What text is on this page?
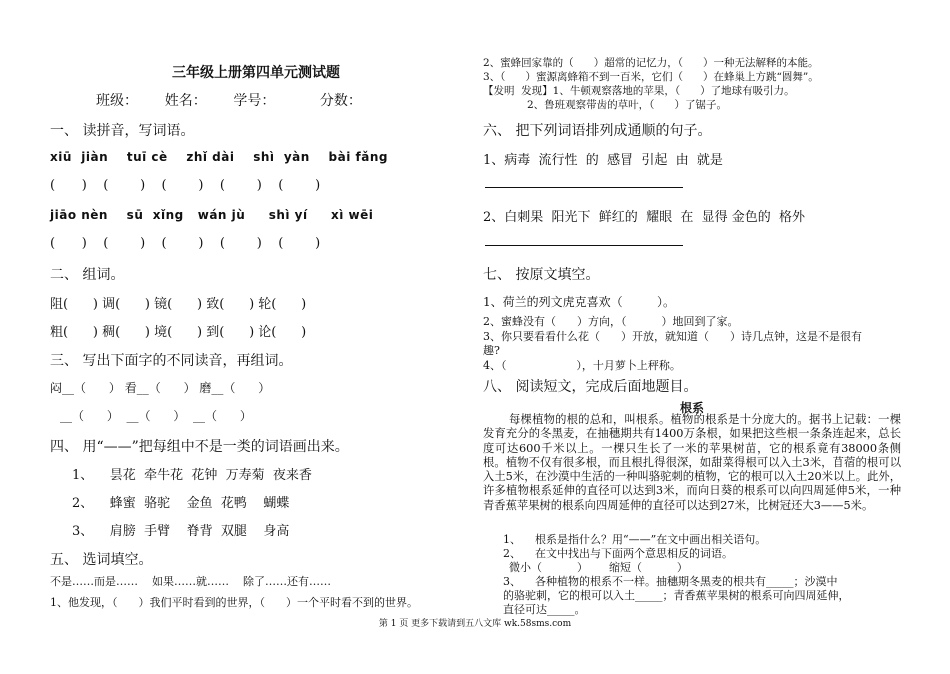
三年级上册第四单元测试题
班级：      姓名：      学号：          分数：
一、 读拼音，写词语。
xiū  jiàn    tuī cè    zhǐ dài    shì  yàn    bài fǎng
(     )   (      )   (      )   (      )   (      )
jiāo nèn    sū  xǐng   wán jù     shì yí     xì wēi
(     )   (      )   (      )   (      )   (      )
二、 组词。
阻(      ) 调(      ) 镜(      ) 致(      ) 轮(      )
粗(      ) 稠(      ) 境(      ) 到(      ) 论(      )
三、 写出下面字的不同读音，再组词。
闷__（      ） 看__（      ） 磨__（      ）
__（      ）  __（      ）  __（      ）
四、 用“——”把每组中不是一类的词语画出来。
1、    昙花  牵牛花  花钟  万寿菊  夜来香
2、    蜂蜜  骆驼    金鱼  花鸭    蝴蝶
3、    肩膀  手臂    脊背  双腿    身高
五、 选词填空。
不是……而是……    如果……就……    除了……还有……
1、他发现，（      ）我们平时看到的世界，（      ）一个平时看不到的世界。
2、蜜蜂回家靠的（      ）超常的记忆力，（      ）一种无法解释的本能。
3、（      ）蜜源离蜂箱不到一百米，它们（      ）在蜂巢上方跳“圆舞”。
【发明  发现】1、牛顿观察落地的苹果，（      ）了地球有吸引力。
2、鲁班观察带齿的草叶，（      ）了锯子。
六、 把下列词语排列成通顺的句子。
1、病毒  流行性  的  感冒  引起  由  就是
2、白刺果  阳光下  鲜红的  耀眼  在  显得 金色的  格外
七、 按原文填空。
1、荷兰的列文虎克喜欢（         ）。
2、蜜蜂没有（      ）方向，（          ）地回到了家。
3、你只要看看什么花（      ）开放，就知道（      ）诗几点钟，这是不是很有
趣?
4、（                    ），十月萝卜上秤称。
八、 阅读短文，完成后面地题目。
根系
每棵植物的根的总和，叫根系。植物的根系是十分庞大的。据书上记载：一棵发育充分的冬黑麦，在抽穗期共有1400万条根，如果把这些根一条条连起来，总长度可达600千米以上。一棵只生长了一米的苹果树苗，它的根系竟有38000条侧根。植物不仅有很多根，而且根扎得很深，如甜菜得根可以入土3米，苜蓿的根可以入土5米，在沙漠中生活的一种叫骆驼刺的植物，它的根可以入土20米以上。此外，许多植物根系延伸的直径可以达到3米，而向日葵的根系可以向四周延伸5米，一种青香蕉苹果树的根系向四周延伸的直径可以达到27米，比树冠还大3——5米。
1、    根系是指什么？用“——”在文中画出相关语句。
2、    在文中找出与下面两个意思相反的词语。
微小（          ）      缩短（          ）
3、    各种植物的根系不一样。抽穗期冬黑麦的根共有_____；沙漠中
的骆驼刺，它的根可以入土_____；青香蕉苹果树的根系可向四周延伸，
直径可达_____。
第 1 页 更多下载请到五八文库 wk.58sms.com
